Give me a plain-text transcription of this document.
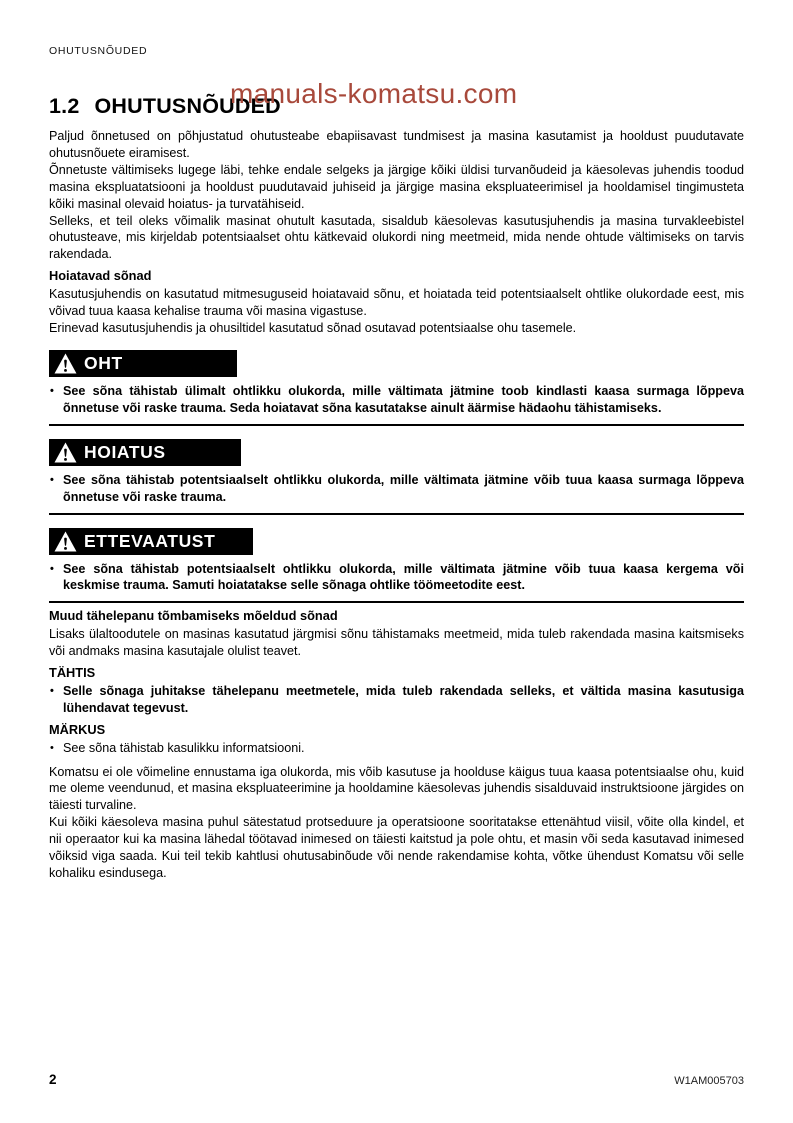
manuals-komatsu.com
OHUTUSNÕUDED
1.2 OHUTUSNÕUDED

Paljud õnnetused on põhjustatud ohutusteabe ebapiisavast tundmisest ja masina kasutamist ja hooldust puudutavate ohutusnõuete eiramisest.

Õnnetuste vältimiseks lugege läbi, tehke endale selgeks ja järgige kõiki üldisi turvanõudeid ja käesolevas juhendis toodud masina ekspluatatsiooni ja hooldust puudutavaid juhiseid ja järgige masina ekspluateerimisel ja hooldamisel tingimusteta kõiki masinal olevaid hoiatus- ja turvatähiseid.

Selleks, et teil oleks võimalik masinat ohutult kasutada, sisaldub käesolevas kasutusjuhendis ja masina turvakleebistel ohutusteave, mis kirjeldab potentsiaalset ohtu kätkevaid olukordi ning meetmeid, mida nende ohtude vältimiseks on tarvis rakendada.

Hoiatavad sõnad

Kasutusjuhendis on kasutatud mitmesuguseid hoiatavaid sõnu, et hoiatada teid potentsiaalselt ohtlike olukordade eest, mis võivad tuua kaasa kehalise trauma või masina vigastuse.

Erinevad kasutusjuhendis ja ohusiltidel kasutatud sõnad osutavad potentsiaalse ohu tasemele.

OHT
• See sõna tähistab ülimalt ohtlikku olukorda, mille vältimata jätmine toob kindlasti kaasa surmaga lõppeva õnnetuse või raske trauma. Seda hoiatavat sõna kasutatakse ainult äärmise hädaohu tähistamiseks.

HOIATUS
• See sõna tähistab potentsiaalselt ohtlikku olukorda, mille vältimata jätmine võib tuua kaasa surmaga lõppeva õnnetuse või raske trauma.

ETTEVAATUST
• See sõna tähistab potentsiaalselt ohtlikku olukorda, mille vältimata jätmine võib tuua kaasa kergema või keskmise trauma. Samuti hoiatatakse selle sõnaga ohtlike töömeetodite eest.

Muud tähelepanu tõmbamiseks mõeldud sõnad

Lisaks ülaltoodutele on masinas kasutatud järgmisi sõnu tähistamaks meetmeid, mida tuleb rakendada masina kaitsmiseks või andmaks masina kasutajale olulist teavet.

TÄHTIS
• Selle sõnaga juhitakse tähelepanu meetmetele, mida tuleb rakendada selleks, et vältida masina kasutusiga lühendavat tegevust.

MÄRKUS
• See sõna tähistab kasulikku informatsiooni.

Komatsu ei ole võimeline ennustama iga olukorda, mis võib kasutuse ja hoolduse käigus tuua kaasa potentsiaalse ohu, kuid me oleme veendunud, et masina ekspluateerimine ja hooldamine käesolevas juhendis sisalduvaid instruktsioone järgides on täiesti turvaline.

Kui kõiki käesoleva masina puhul sätestatud protseduure ja operatsioone sooritatakse ettenähtud viisil, võite olla kindel, et nii operaator kui ka masina lähedal töötavad inimesed on täiesti kaitstud ja pole ohtu, et masin või seda kasutavad inimesed võiksid viga saada. Kui teil tekib kahtlusi ohutusabinõude või nende rakendamise kohta, võtke ühendust Komatsu või selle kohaliku esindusega.

2	W1AM005703
